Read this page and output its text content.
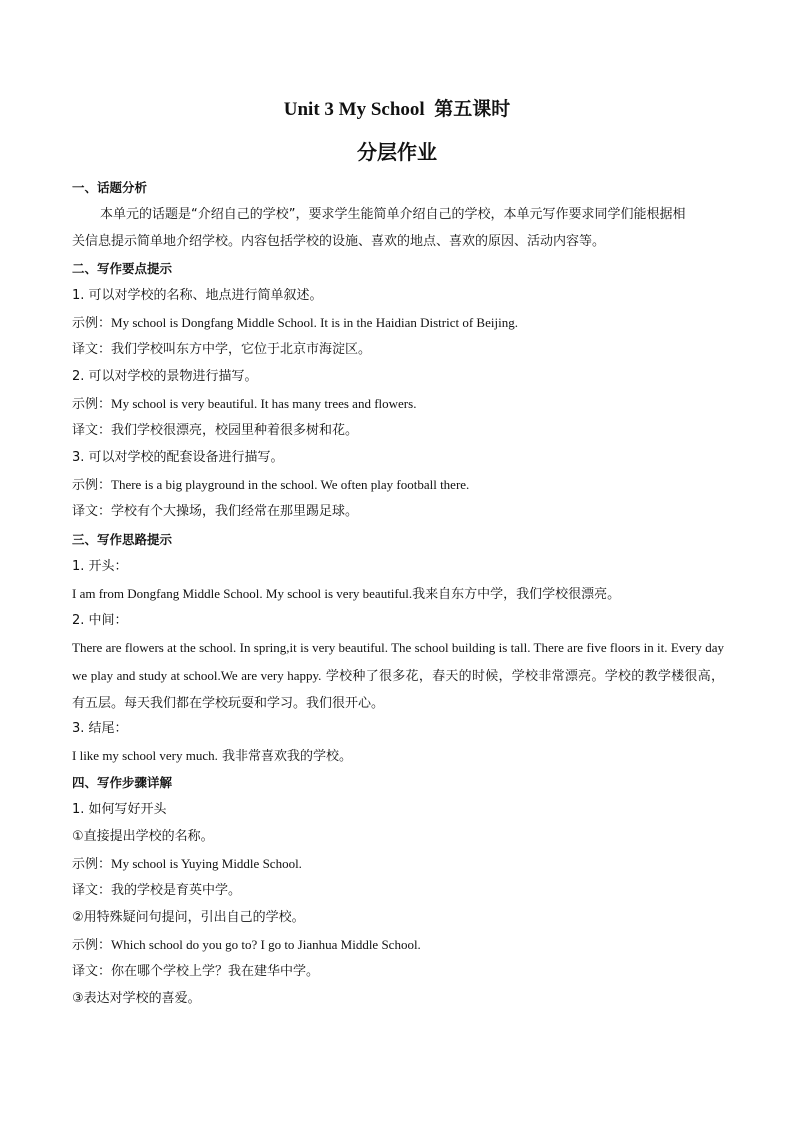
Unit 3 My School 第五课时
分层作业
一、话题分析
本单元的话题是“介绍自己的学校”，要求学生能简单介绍自己的学校，本单元写作要求同学们能根据相
关信息提示简单地介绍学校。内容包括学校的设施、喜欢的地点、喜欢的原因、活动内容等。
二、写作要点提示
1. 可以对学校的名称、地点进行简单叙述。
示例：My school is Dongfang Middle School. It is in the Haidian District of Beijing.
译文：我们学校叫东方中学，它位于北京市海淀区。
2. 可以对学校的景物进行描写。
示例：My school is very beautiful. It has many trees and flowers.
译文：我们学校很漂亮，校园里种着很多树和花。
3. 可以对学校的配套设备进行描写。
示例：There is a big playground in the school. We often play football there.
译文：学校有个大操场，我们经常在那里踢足球。
三、写作思路提示
1. 开头：
I am from Dongfang Middle School. My school is very beautiful.我来自东方中学，我们学校很漂亮。
2. 中间：
There are flowers at the school. In spring,it is very beautiful. The school building is tall. There are five floors in it. Every day we play and study at school.We are very happy. 学校种了很多花，春天的时候，学校非常漂亮。学校的教学楼很高，有五层。每天我们都在学校玩耍和学习。我们很开心。
3. 结尾：
I like my school very much. 我非常喜欢我的学校。
四、写作步骤详解
1. 如何写好开头
①直接提出学校的名称。
示例：My school is Yuying Middle School.
译文：我的学校是育英中学。
②用特殊疑问句提问，引出自己的学校。
示例：Which school do you go to? I go to Jianhua Middle School.
译文：你在哪个学校上学？我在建华中学。
③表达对学校的喜爱。
